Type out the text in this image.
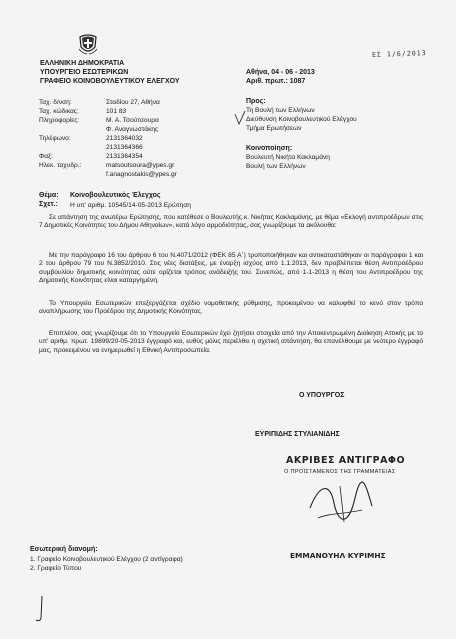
ΕΛΛΗΝΙΚΗ ΔΗΜΟΚΡΑΤΙΑ
ΥΠΟΥΡΓΕΙΟ ΕΣΩΤΕΡΙΚΩΝ
ΓΡΑΦΕΙΟ ΚΟΙΝΟΒΟΥΛΕΥΤΙΚΟΥ ΕΛΕΓΧΟΥ
ΕΣ 1/6/2013
Αθήνα, 04 - 06 - 2013
Αριθ. πρωτ.: 1087
Ταχ. δ/νση:	Σταδίου 27, Αθήνα
Ταχ. κώδικας:	101 83
Πληροφορίες:	Μ. Α. Τσούτσουρα
Φ. Αναγνωστάκης
Τηλέφωνο:	2131364032
2131364366
Φαξ:	2131364354
Ηλεκ. ταχυδρ.:	matsoutsoura@ypes.gr
f.anagnostakis@ypes.gr
Προς:
Τη Βουλή των Ελλήνων
Διεύθυνση Κοινοβουλευτικού Ελέγχου
Τμήμα Ερωτήσεων
Κοινοποίηση:
Βουλευτή Νικήτα Κακλαμάνη
Βουλή των Ελλήνων
Θέμα: Κοινοβουλευτικός Έλεγχος
Σχετ.: Η υπ' αριθμ. 10545/14-05-2013 Ερώτηση
Σε απάντηση της ανωτέρω Ερώτησης, που κατέθεσε ο Βουλευτής κ. Νικήτας Κακλαμάνης, με θέμα «Εκλογή αντιπροέδρων στις 7 Δημοτικές Κοινότητες του Δήμου Αθηναίων», κατά λόγο αρμοδιότητας, σας γνωρίζουμε τα ακόλουθα:
Με την παράγραφο 16 του άρθρου 6 του Ν.4071/2012 (ΦΕΚ 85 Α΄) τροποποιήθηκαν και αντικαταστάθηκαν οι παράγραφοι 1 και 2 του άρθρου 79 του Ν.3852/2010. Στις νέες διατάξεις, με έναρξη ισχύος από 1.1.2013, δεν προβλέπεται θέση Αντιπροέδρου συμβουλίου δημοτικής κοινότητας ούτε ορίζεται τρόπος ανάδειξής του. Συνεπώς, από 1-1-2013 η θέση του Αντιπροέδρου της Δημοτικής Κοινότητας είναι καταργημένη.
Το Υπουργείο Εσωτερικών επεξεργάζεται σχέδιο νομοθετικής ρύθμισης, προκειμένου να καλυφθεί το κενό στον τρόπο αναπλήρωσης του Προέδρου της Δημοτικής Κοινότητας.
Επιπλέον, σας γνωρίζουμε ότι το Υπουργείο Εσωτερικών έχει ζητήσει στοιχεία από την Αποκεντρωμένη Διοίκηση Αττικής με το υπ' αριθμ. πρωτ. 19899/20-05-2013 έγγραφό και, ευθύς μόλις περιέλθει η σχετική απάντηση, θα επανέλθουμε με νεότερο έγγραφό μας, προκειμένου να ενημερωθεί η Εθνική Αντιπροσωπεία.
Ο ΥΠΟΥΡΓΟΣ
ΕΥΡΙΠΙΔΗΣ ΣΤΥΛΙΑΝΙΔΗΣ
ΑΚΡΙΒΕΣ ΑΝΤΙΓΡΑΦΟ
Ο ΠΡΟΪΣΤΑΜΕΝΟΣ ΤΗΣ ΓΡΑΜΜΑΤΕΙΑΣ
ΕΜΜΑΝΟΥΗΛ ΚΥΡΙΜΗΣ
Εσωτερική διανομή:
1. Γραφείο Κοινοβουλευτικού Ελέγχου (2 αντίγραφα)
2. Γραφείο Τύπου
